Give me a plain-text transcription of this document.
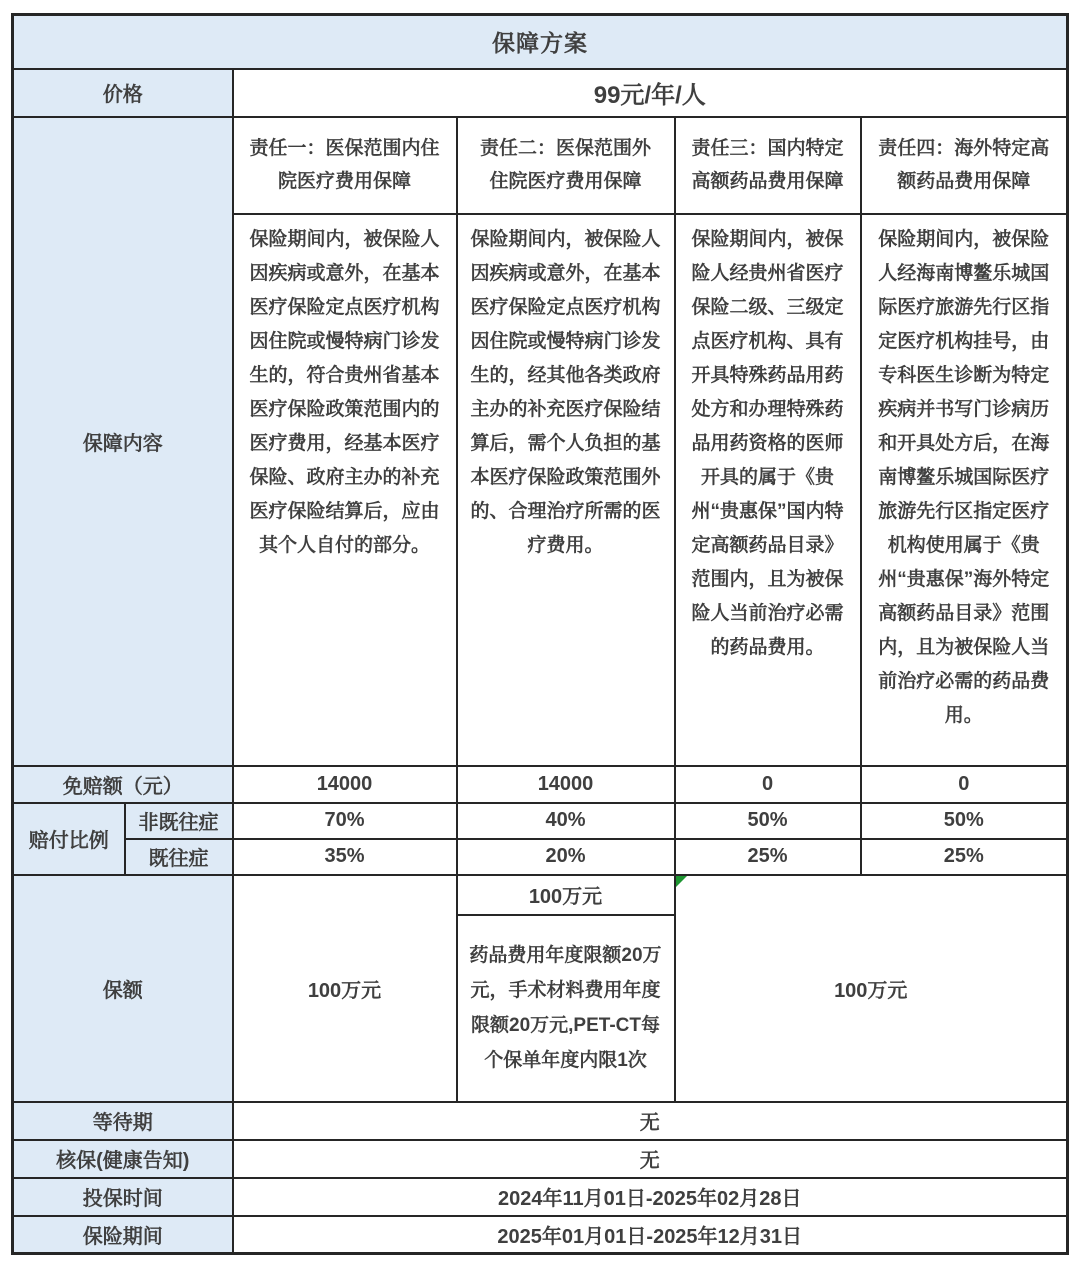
保障方案					
价格		99元/年/人			
保障内容		责任一：医保范围内住院医疗费用保障	责任二：医保范围外住院医疗费用保障	责任三：国内特定高额药品费用保障	责任四：海外特定高额药品费用保障
		保险期间内，被保险人因疾病或意外，在基本医疗保险定点医疗机构因住院或慢特病门诊发生的，符合贵州省基本医疗保险政策范围内的医疗费用，经基本医疗保险、政府主办的补充医疗保险结算后，应由其个人自付的部分。	保险期间内，被保险人因疾病或意外，在基本医疗保险定点医疗机构因住院或慢特病门诊发生的，经其他各类政府主办的补充医疗保险结算后，需个人负担的基本医疗保险政策范围外的、合理治疗所需的医疗费用。	保险期间内，被保险人经贵州省医疗保险二级、三级定点医疗机构、具有开具特殊药品用药处方和办理特殊药品用药资格的医师开具的属于《贵州“贵惠保”国内特定高额药品目录》范围内，且为被保险人当前治疗必需的药品费用。	保险期间内，被保险人经海南博鳌乐城国际医疗旅游先行区指定医疗机构挂号，由专科医生诊断为特定疾病并书写门诊病历和开具处方后，在海南博鳌乐城国际医疗旅游先行区指定医疗机构使用属于《贵州“贵惠保”海外特定高额药品目录》范围内，且为被保险人当前治疗必需的药品费用。
免赔额（元）		14000	14000	0	0
赔付比例	非既往症	70%	40%	50%	50%
	既往症	35%	20%	25%	25%
保额		100万元	100万元	100万元	
			药品费用年度限额20万元，手术材料费用年度限额20万元,PET-CT每个保单年度内限1次		
等待期		无			
核保(健康告知)		无			
投保时间		2024年11月01日-2025年02月28日			
保险期间		2025年01月01日-2025年12月31日			
